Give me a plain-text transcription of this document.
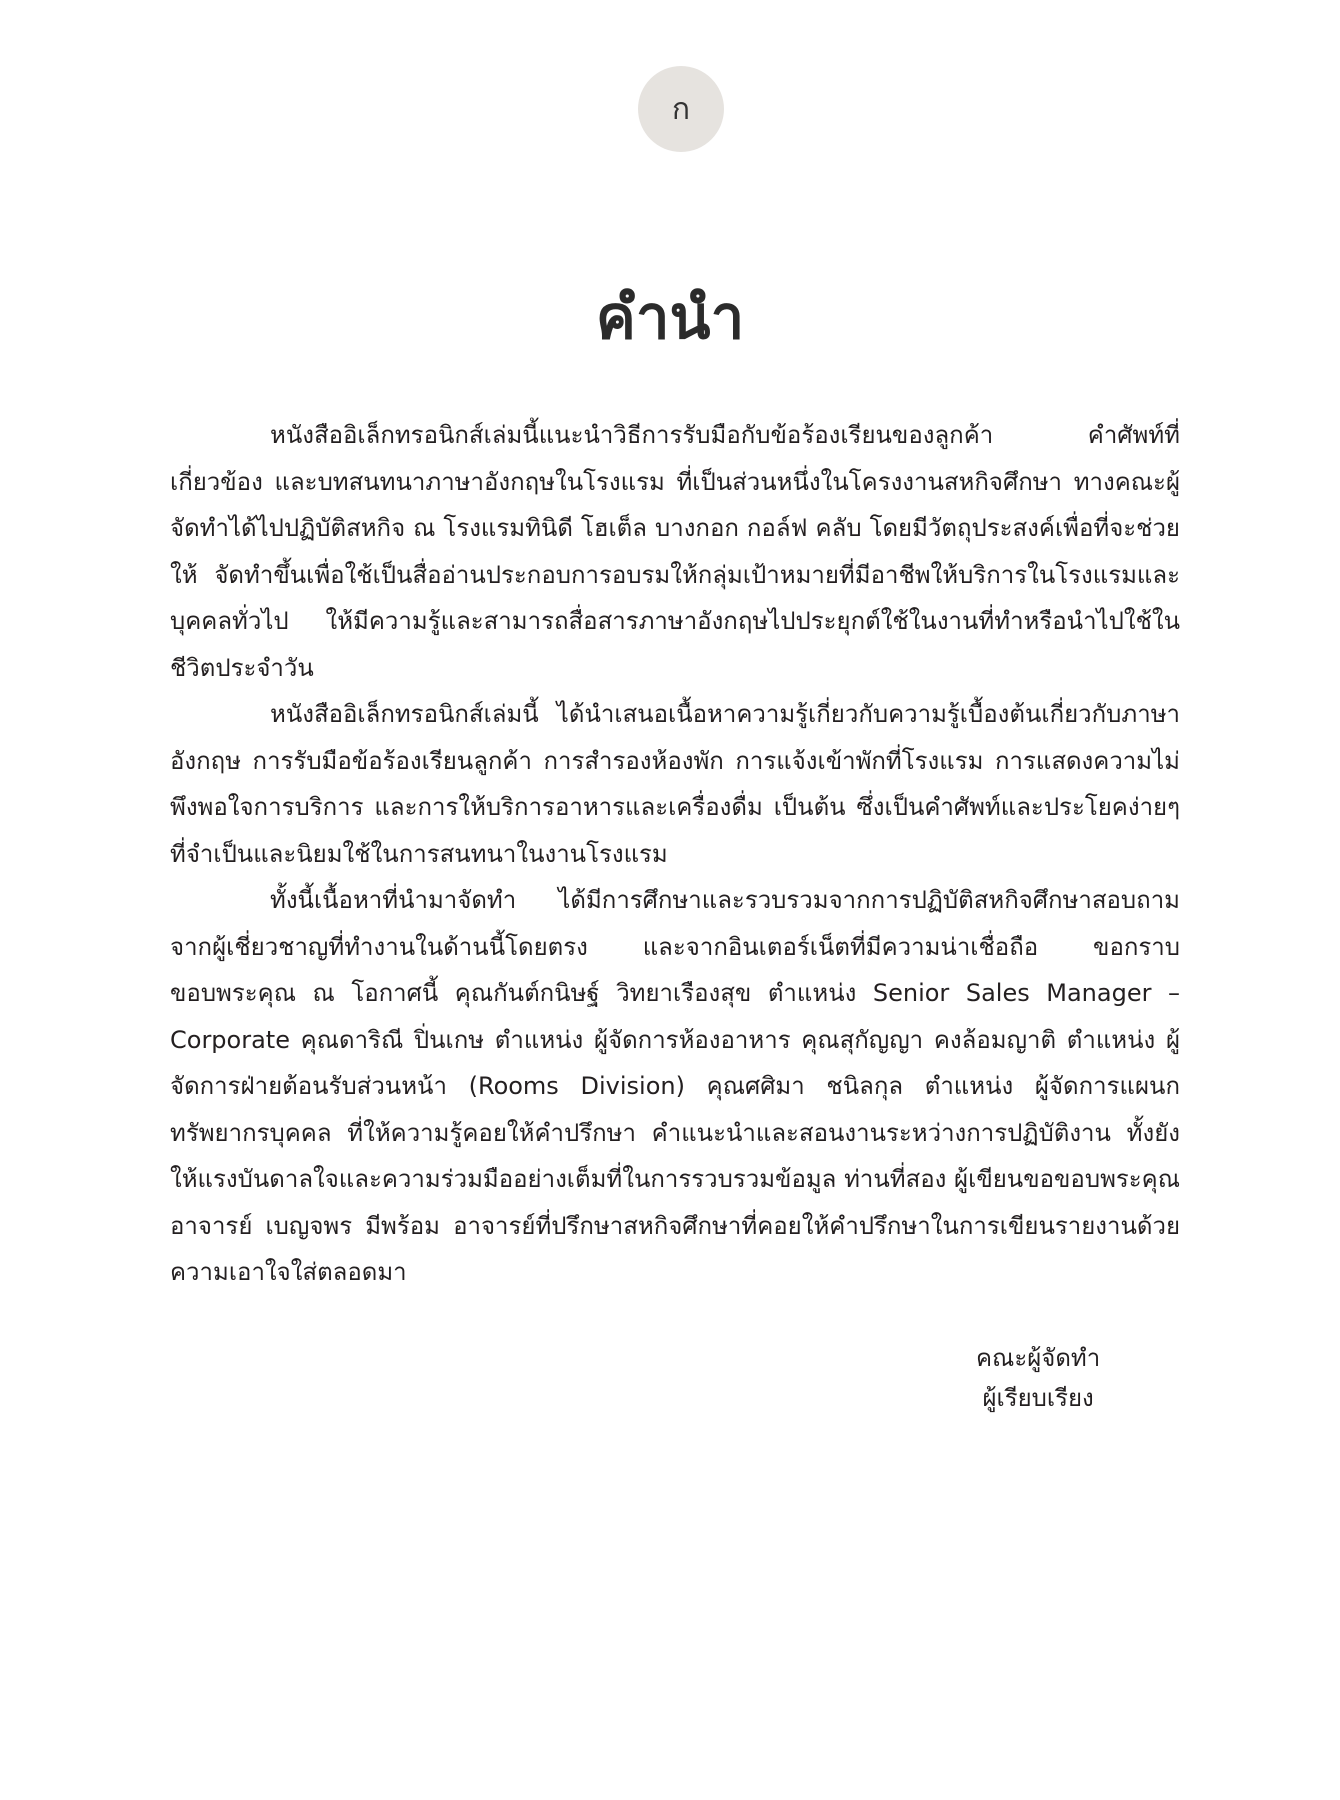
ก
คำนำ

หนังสืออิเล็กทรอนิกส์เล่มนี้แนะนำวิธีการรับมือกับข้อร้องเรียนของลูกค้า คำศัพท์ที่เกี่ยวข้อง และบทสนทนาภาษาอังกฤษในโรงแรม ที่เป็นส่วนหนึ่งในโครงงานสหกิจศึกษา ทางคณะผู้จัดทำได้ไปปฏิบัติสหกิจ ณ โรงแรมทินิดี โฮเต็ล บางกอก กอล์ฟ คลับ โดยมีวัตถุประสงค์เพื่อที่จะช่วยให้ จัดทำขึ้นเพื่อใช้เป็นสื่ออ่านประกอบการอบรมให้กลุ่มเป้าหมายที่มีอาชีพให้บริการในโรงแรมและบุคคลทั่วไป ให้มีความรู้และสามารถสื่อสารภาษาอังกฤษไปประยุกต์ใช้ในงานที่ทำหรือนำไปใช้ในชีวิตประจำวัน

หนังสืออิเล็กทรอนิกส์เล่มนี้ ได้นำเสนอเนื้อหาความรู้เกี่ยวกับความรู้เบื้องต้นเกี่ยวกับภาษาอังกฤษ การรับมือข้อร้องเรียนลูกค้า การสำรองห้องพัก การแจ้งเข้าพักที่โรงแรม การแสดงความไม่พึงพอใจการบริการ และการให้บริการอาหารและเครื่องดื่ม เป็นต้น ซึ่งเป็นคำศัพท์และประโยคง่ายๆ ที่จำเป็นและนิยมใช้ในการสนทนาในงานโรงแรม

ทั้งนี้เนื้อหาที่นำมาจัดทำ ได้มีการศึกษาและรวบรวมจากการปฏิบัติสหกิจศึกษาสอบถามจากผู้เชี่ยวชาญที่ทำงานในด้านนี้โดยตรง และจากอินเตอร์เน็ตที่มีความน่าเชื่อถือ ขอกราบขอบพระคุณ ณ โอกาศนี้ คุณกันต์กนิษฐ์ วิทยาเรืองสุข ตำแหน่ง Senior Sales Manager – Corporate คุณดาริณี ปิ่นเกษ ตำแหน่ง ผู้จัดการห้องอาหาร คุณสุกัญญา คงล้อมญาติ ตำแหน่ง ผู้จัดการฝ่ายต้อนรับส่วนหน้า (Rooms Division) คุณศศิมา ชนิลกุล ตำแหน่ง ผู้จัดการแผนกทรัพยากรบุคคล ที่ให้ความรู้คอยให้คำปรึกษา คำแนะนำและสอนงานระหว่างการปฏิบัติงาน ทั้งยังให้แรงบันดาลใจและความร่วมมืออย่างเต็มที่ในการรวบรวมข้อมูล ท่านที่สอง ผู้เขียนขอขอบพระคุณอาจารย์ เบญจพร มีพร้อม อาจารย์ที่ปรึกษาสหกิจศึกษาที่คอยให้คำปรึกษาในการเขียนรายงานด้วยความเอาใจใส่ตลอดมา

คณะผู้จัดทำ
ผู้เรียบเรียง
